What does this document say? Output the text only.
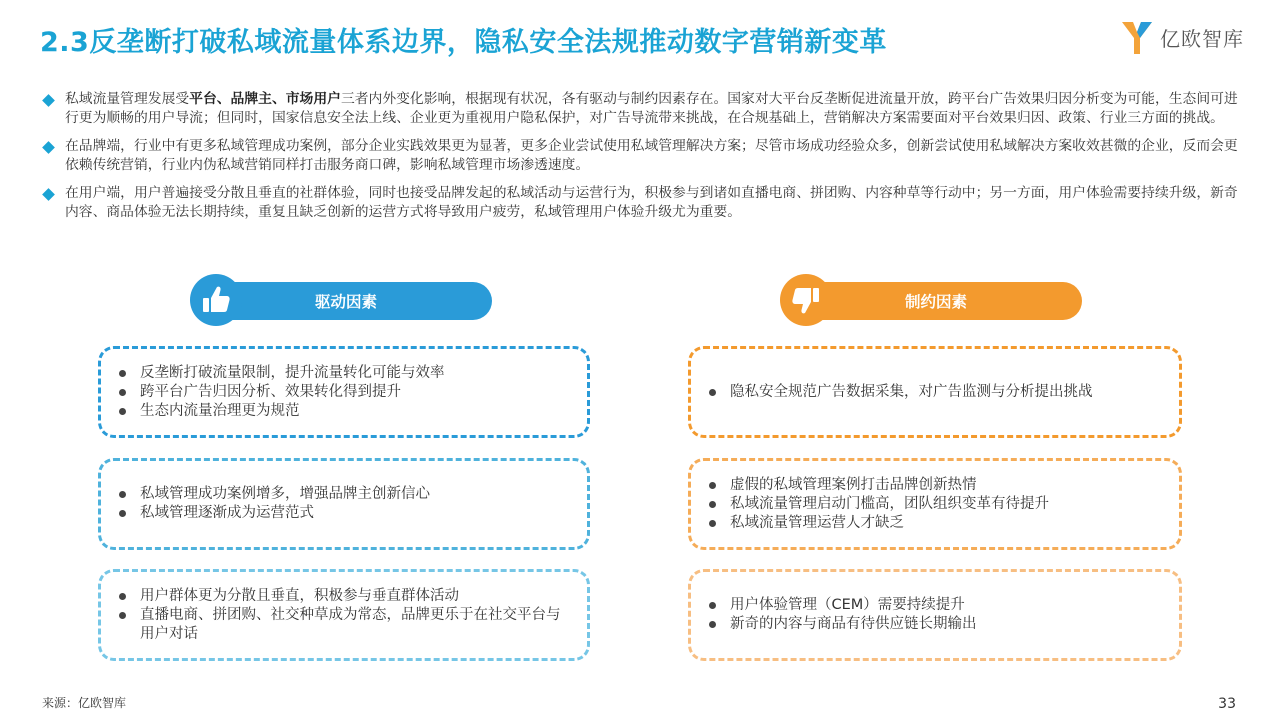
2.3反垄断打破私域流量体系边界，隐私安全法规推动数字营销新变革	亿欧智库

私域流量管理发展受平台、品牌主、市场用户三者内外变化影响，根据现有状况，各有驱动与制约因素存在。国家对大平台反垄断促进流量开放，跨平台广告效果归因分析变为可能，生态间可进行更为顺畅的用户导流；但同时，国家信息安全法上线、企业更为重视用户隐私保护，对广告导流带来挑战，在合规基础上，营销解决方案需要面对平台效果归因、政策、行业三方面的挑战。

在品牌端，行业中有更多私域管理成功案例，部分企业实践效果更为显著，更多企业尝试使用私域管理解决方案；尽管市场成功经验众多，创新尝试使用私域解决方案收效甚微的企业，反而会更依赖传统营销，行业内伪私域营销同样打击服务商口碑，影响私域管理市场渗透速度。

在用户端，用户普遍接受分散且垂直的社群体验，同时也接受品牌发起的私域活动与运营行为，积极参与到诸如直播电商、拼团购、内容种草等行动中；另一方面，用户体验需要持续升级，新奇内容、商品体验无法长期持续，重复且缺乏创新的运营方式将导致用户疲劳，私域管理用户体验升级尤为重要。

驱动因素	制约因素
反垄断打破流量限制，提升流量转化可能与效率
跨平台广告归因分析、效果转化得到提升
生态内流量治理更为规范
私域管理成功案例增多，增强品牌主创新信心
私域管理逐渐成为运营范式
用户群体更为分散且垂直，积极参与垂直群体活动
直播电商、拼团购、社交种草成为常态，品牌更乐于在社交平台与用户对话
隐私安全规范广告数据采集，对广告监测与分析提出挑战
虚假的私域管理案例打击品牌创新热情
私域流量管理启动门槛高，团队组织变革有待提升
私域流量管理运营人才缺乏
用户体验管理（CEM）需要持续提升
新奇的内容与商品有待供应链长期输出
来源：亿欧智库	33
